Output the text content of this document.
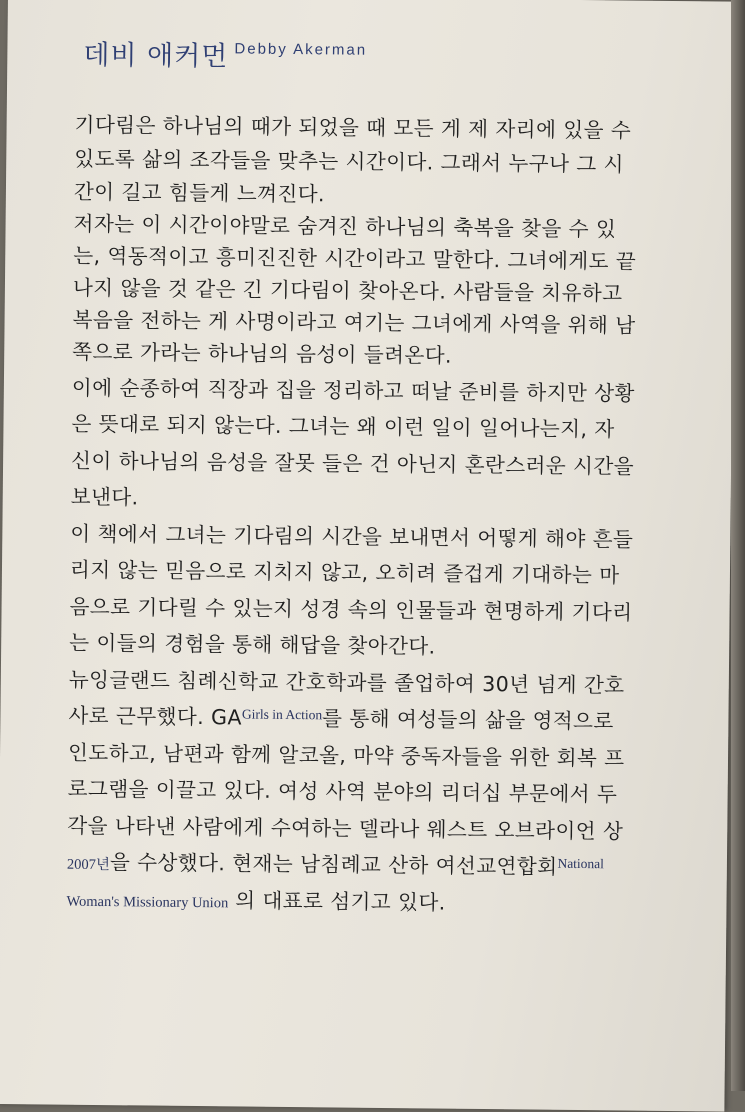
데비 애커먼 Debby Akerman
기다림은 하나님의 때가 되었을 때 모든 게 제 자리에 있을 수
있도록 삶의 조각들을 맞추는 시간이다. 그래서 누구나 그 시
간이 길고 힘들게 느껴진다.
저자는 이 시간이야말로 숨겨진 하나님의 축복을 찾을 수 있
는, 역동적이고 흥미진진한 시간이라고 말한다. 그녀에게도 끝
나지 않을 것 같은 긴 기다림이 찾아온다. 사람들을 치유하고
복음을 전하는 게 사명이라고 여기는 그녀에게 사역을 위해 남
쪽으로 가라는 하나님의 음성이 들려온다.
이에 순종하여 직장과 집을 정리하고 떠날 준비를 하지만 상황
은 뜻대로 되지 않는다. 그녀는 왜 이런 일이 일어나는지, 자
신이 하나님의 음성을 잘못 들은 건 아닌지 혼란스러운 시간을
보낸다.
이 책에서 그녀는 기다림의 시간을 보내면서 어떻게 해야 흔들
리지 않는 믿음으로 지치지 않고, 오히려 즐겁게 기대하는 마
음으로 기다릴 수 있는지 성경 속의 인물들과 현명하게 기다리
는 이들의 경험을 통해 해답을 찾아간다.
뉴잉글랜드 침례신학교 간호학과를 졸업하여 30년 넘게 간호
사로 근무했다. $GA^{Girls in Action}$를 통해 여성들의 삶을 영적으로
인도하고, 남편과 함께 알코올, 마약 중독자들을 위한 회복 프
로그램을 이끌고 있다. 여성 사역 분야의 리더십 부문에서 두
각을 나타낸 사람에게 수여하는 델라나 웨스트 오브라이언 상
2007년을 수상했다. 현재는 남침례교 산하 여선교연합회$^{National}$
Woman's Missionary Union 의 대표로 섬기고 있다.
